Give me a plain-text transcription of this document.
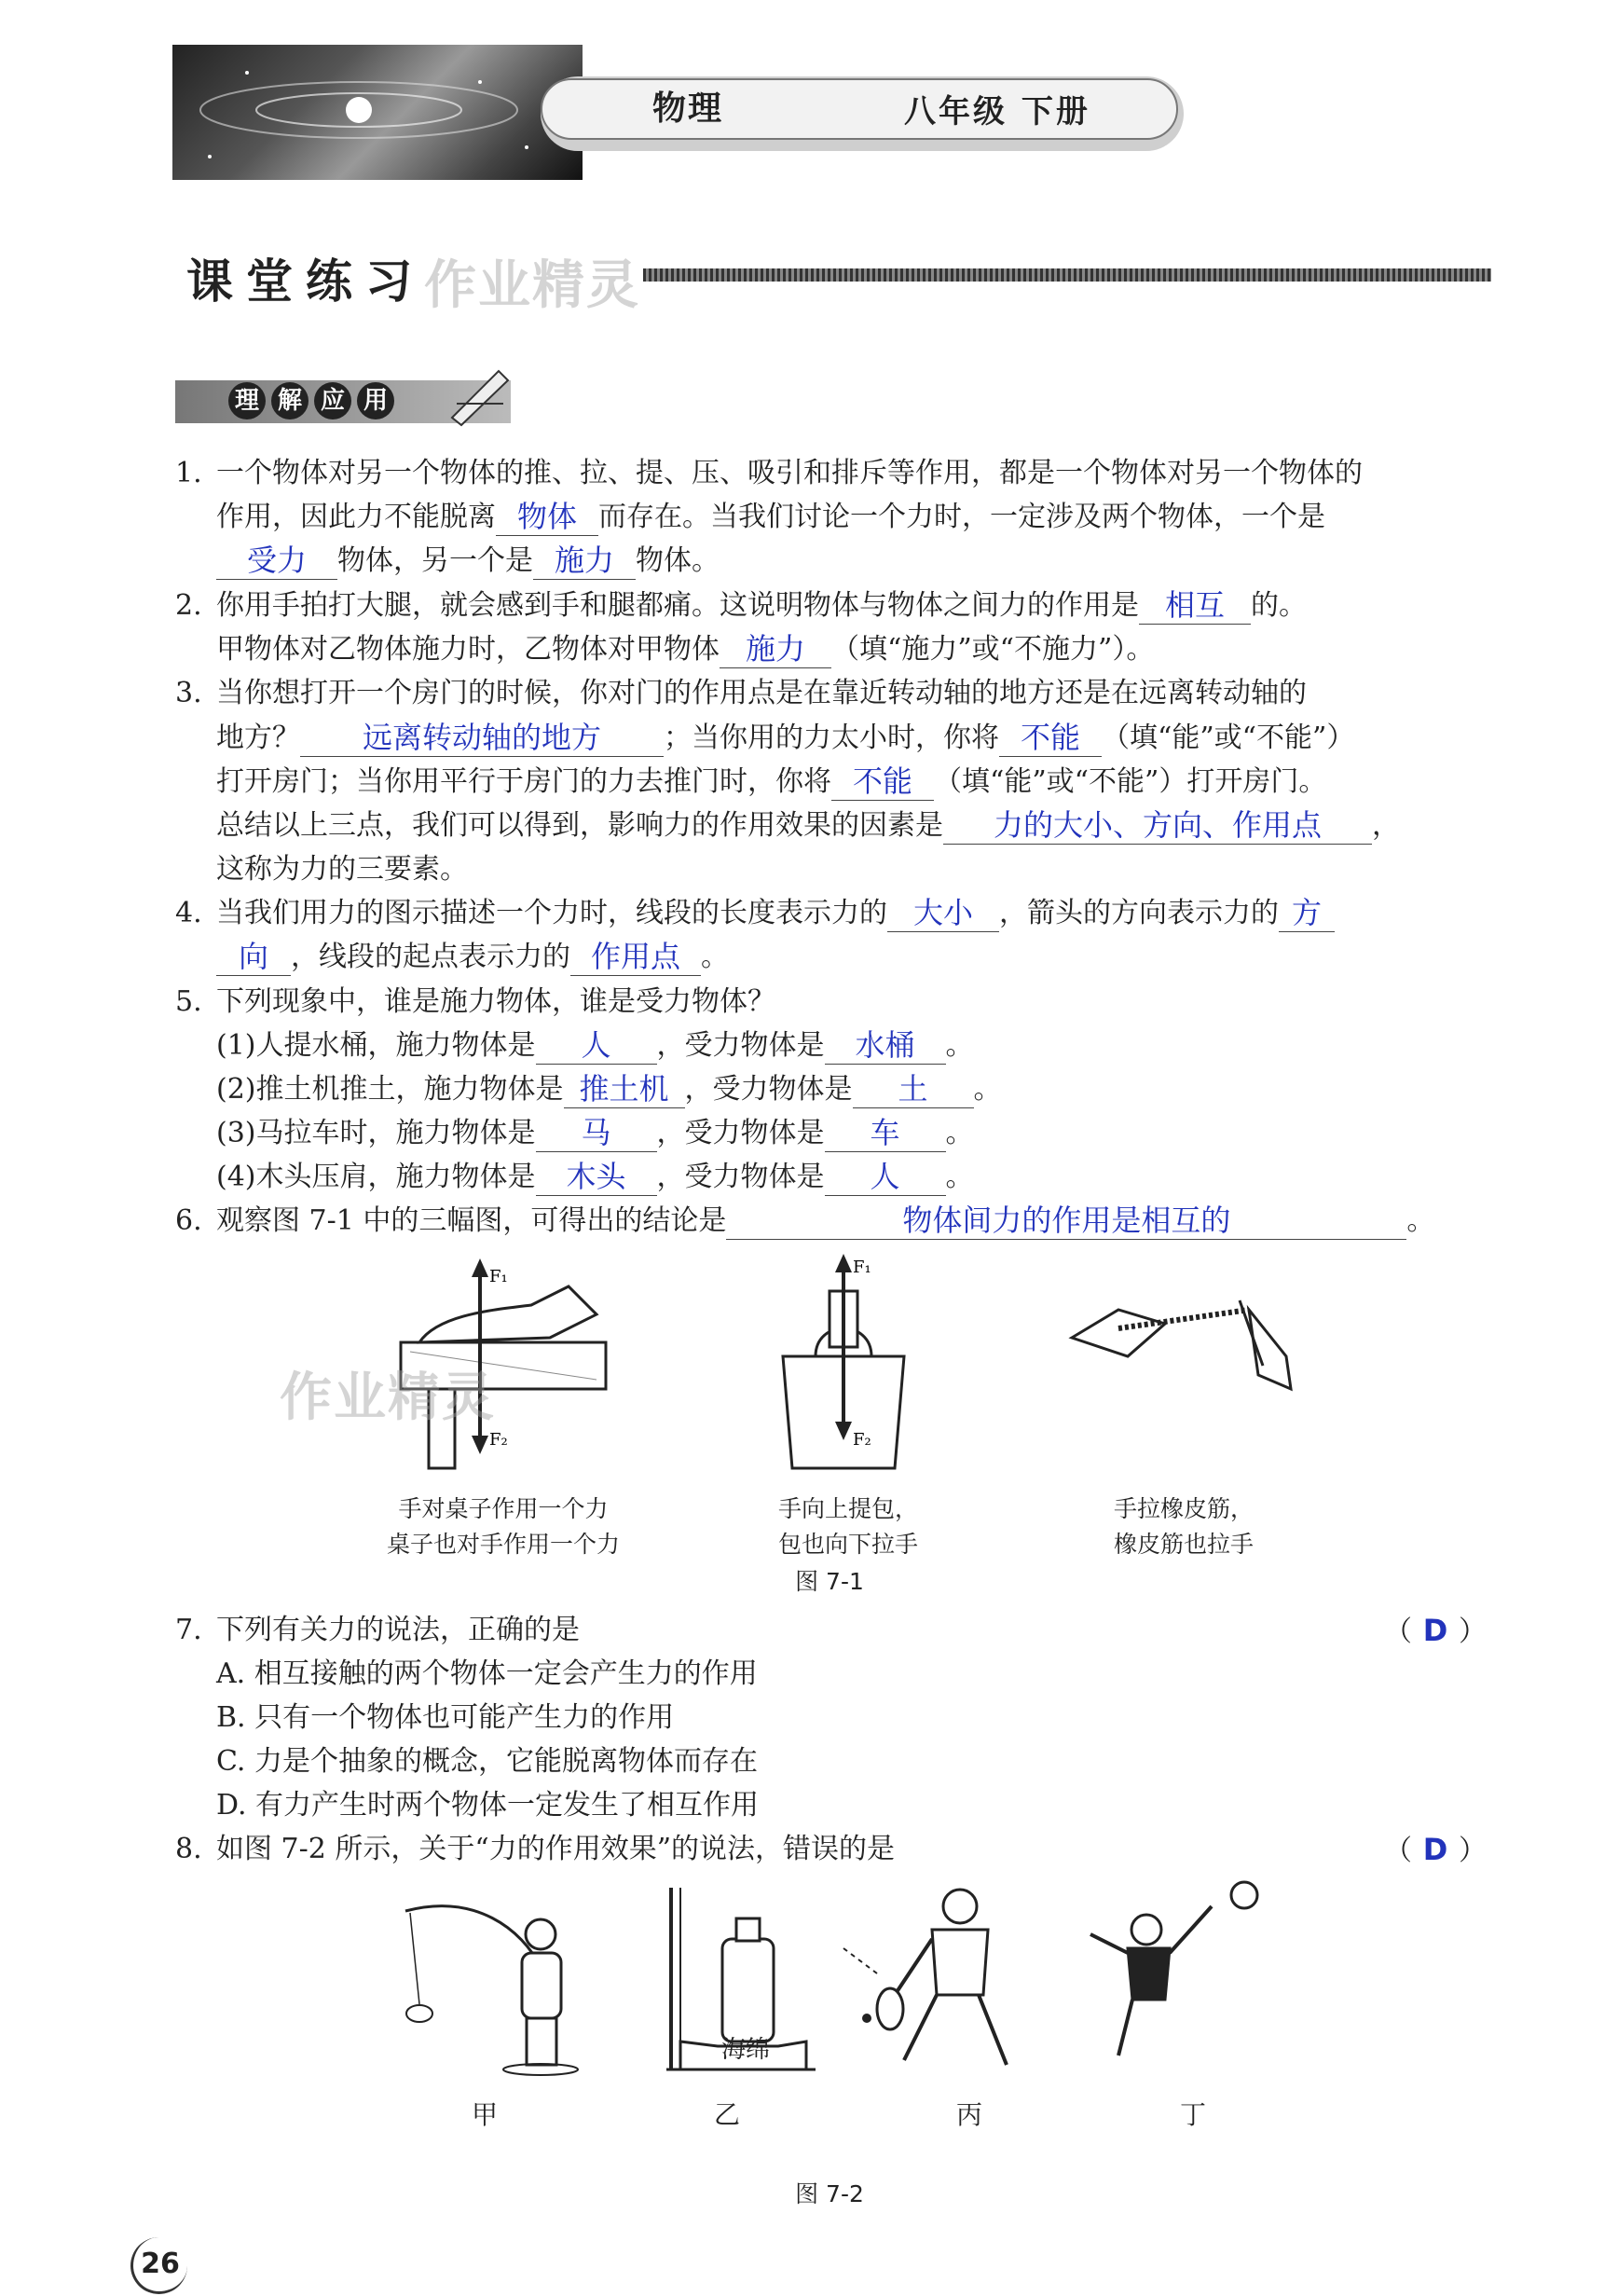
物理	八年级 下册
课堂练习 作业精灵
理 解 应 用
1. 一个物体对另一个物体的推、拉、提、压、吸引和排斥等作用，都是一个物体对另一个物体的
作用，因此力不能脱离 物体 而存在。当我们讨论一个力时，一定涉及两个物体，一个是
受力 物体，另一个是 施力 物体。
2. 你用手拍打大腿，就会感到手和腿都痛。这说明物体与物体之间力的作用是 相互 的。
甲物体对乙物体施力时，乙物体对甲物体 施力 （填“施力”或“不施力”）。
3. 当你想打开一个房门的时候，你对门的作用点是在靠近转动轴的地方还是在远离转动轴的
地方？ 远离转动轴的地方 ；当你用的力太小时，你将 不能 （填“能”或“不能”）
打开房门；当你用平行于房门的力去推门时，你将 不能 （填“能”或“不能”）打开房门。
总结以上三点，我们可以得到，影响力的作用效果的因素是 力的大小、方向、作用点 ，
这称为力的三要素。
4. 当我们用力的图示描述一个力时，线段的长度表示力的 大小 ，箭头的方向表示力的 方
向 ，线段的起点表示力的 作用点 。
5. 下列现象中，谁是施力物体，谁是受力物体？
(1)人提水桶，施力物体是 人 ，受力物体是 水桶 。
(2)推土机推土，施力物体是 推土机 ，受力物体是 土 。
(3)马拉车时，施力物体是 马 ，受力物体是 车 。
(4)木头压肩，施力物体是 木头 ，受力物体是 人 。
6. 观察图 7-1 中的三幅图，可得出的结论是	物体间力的作用是相互的	。
F₁
F₂
作业精灵
F₁
F₂
手对桌子作用一个力
桌子也对手作用一个力
手向上提包，
包也向下拉手
手拉橡皮筋，
橡皮筋也拉手
图 7-1
7. 下列有关力的说法，正确的是	（ D ）
A. 相互接触的两个物体一定会产生力的作用
B. 只有一个物体也可能产生力的作用
C. 力是个抽象的概念，它能脱离物体而存在
D. 有力产生时两个物体一定发生了相互作用
8. 如图 7-2 所示，关于“力的作用效果”的说法，错误的是	（ D ）
海绵
甲	乙	丙	丁
图 7-2
26
